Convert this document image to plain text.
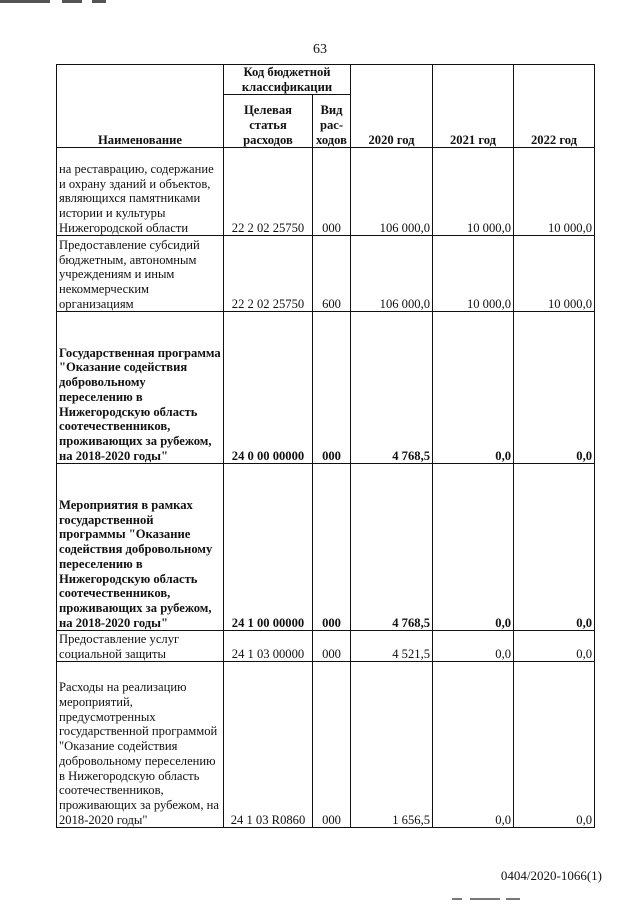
63
Наименование	Код бюджетной классификации		2020 год	2021 год	2022 год
	Целевая статья расходов	Вид рас-ходов			
на реставрацию, содержание и охрану зданий и объектов, являющихся памятниками истории и культуры Нижегородской области	22 2 02 25750	000	106 000,0	10 000,0	10 000,0
Предоставление субсидий бюджетным, автономным учреждениям и иным некоммерческим организациям	22 2 02 25750	600	106 000,0	10 000,0	10 000,0
Государственная программа "Оказание содействия добровольному переселению в Нижегородскую область соотечественников, проживающих за рубежом, на 2018-2020 годы"	24 0 00 00000	000	4 768,5	0,0	0,0
Мероприятия в рамках государственной программы "Оказание содействия добровольному переселению в Нижегородскую область соотечественников, проживающих за рубежом, на 2018-2020 годы"	24 1 00 00000	000	4 768,5	0,0	0,0
Предоставление услуг социальной защиты	24 1 03 00000	000	4 521,5	0,0	0,0
Расходы на реализацию мероприятий, предусмотренных государственной программой "Оказание содействия добровольному переселению в Нижегородскую область соотечественников, проживающих за рубежом, на 2018-2020 годы"	24 1 03 R0860	000	1 656,5	0,0	0,0
0404/2020-1066(1)
